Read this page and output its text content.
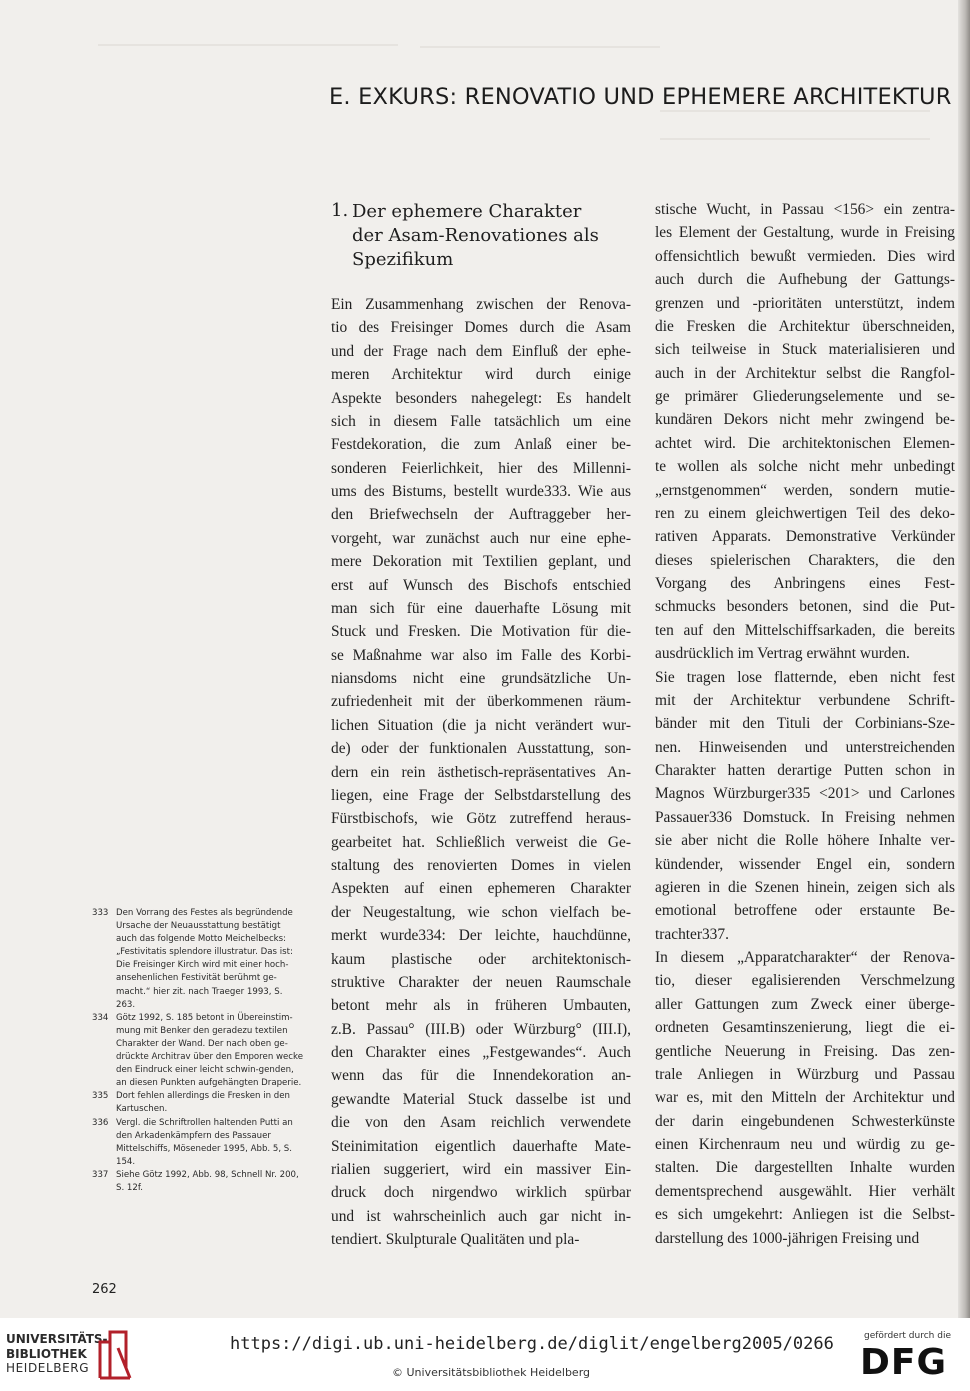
E. EXKURS: RENOVATIO UND EPHEMERE ARCHITEKTUR
1. Der ephemere Charakter
der Asam-Renovationes als
Spezifikum
Ein Zusammenhang zwischen der Renova-
tio des Freisinger Domes durch die Asam
und der Frage nach dem Einfluß der ephe-
meren Architektur wird durch einige
Aspekte besonders nahegelegt: Es handelt
sich in diesem Falle tatsächlich um eine
Festdekoration, die zum Anlaß einer be-
sonderen Feierlichkeit, hier des Millenni-
ums des Bistums, bestellt wurde333. Wie aus
den Briefwechseln der Auftraggeber her-
vorgeht, war zunächst auch nur eine ephe-
mere Dekoration mit Textilien geplant, und
erst auf Wunsch des Bischofs entschied
man sich für eine dauerhafte Lösung mit
Stuck und Fresken. Die Motivation für die-
se Maßnahme war also im Falle des Korbi-
niansdoms nicht eine grundsätzliche Un-
zufriedenheit mit der überkommenen räum-
lichen Situation (die ja nicht verändert wur-
de) oder der funktionalen Ausstattung, son-
dern ein rein ästhetisch-repräsentatives An-
liegen, eine Frage der Selbstdarstellung des
Fürstbischofs, wie Götz zutreffend heraus-
gearbeitet hat. Schließlich verweist die Ge-
staltung des renovierten Domes in vielen
Aspekten auf einen ephemeren Charakter
der Neugestaltung, wie schon vielfach be-
merkt wurde334: Der leichte, hauchdünne,
kaum plastische oder architektonisch-
struktive Charakter der neuen Raumschale
betont mehr als in früheren Umbauten,
z.B. Passau° (III.B) oder Würzburg° (III.I),
den Charakter eines „Festgewandes“. Auch
wenn das für die Innendekoration an-
gewandte Material Stuck dasselbe ist und
die von den Asam reichlich verwendete
Steinimitation eigentlich dauerhafte Mate-
rialien suggeriert, wird ein massiver Ein-
druck doch nirgendwo wirklich spürbar
und ist wahrscheinlich auch gar nicht in-
tendiert. Skulpturale Qualitäten und pla-
stische Wucht, in Passau <156> ein zentra-
les Element der Gestaltung, wurde in Freising
offensichtlich bewußt vermieden. Dies wird
auch durch die Aufhebung der Gattungs-
grenzen und -prioritäten unterstützt, indem
die Fresken die Architektur überschneiden,
sich teilweise in Stuck materialisieren und
auch in der Architektur selbst die Rangfol-
ge primärer Gliederungselemente und se-
kundären Dekors nicht mehr zwingend be-
achtet wird. Die architektonischen Elemen-
te wollen als solche nicht mehr unbedingt
„ernstgenommen“ werden, sondern mutie-
ren zu einem gleichwertigen Teil des deko-
rativen Apparats. Demonstrative Verkünder
dieses spielerischen Charakters, die den
Vorgang des Anbringens eines Fest-
schmucks besonders betonen, sind die Put-
ten auf den Mittelschiffsarkaden, die bereits
ausdrücklich im Vertrag erwähnt wurden.
Sie tragen lose flatternde, eben nicht fest
mit der Architektur verbundene Schrift-
bänder mit den Tituli der Corbinians-Sze-
nen. Hinweisenden und unterstreichenden
Charakter hatten derartige Putten schon in
Magnos Würzburger335 <201> und Carlones
Passauer336 Domstuck. In Freising nehmen
sie aber nicht die Rolle höhere Inhalte ver-
kündender, wissender Engel ein, sondern
agieren in die Szenen hinein, zeigen sich als
emotional betroffene oder erstaunte Be-
trachter337.
In diesem „Apparatcharakter“ der Renova-
tio, dieser egalisierenden Verschmelzung
aller Gattungen zum Zweck einer überge-
ordneten Gesamtinszenierung, liegt die ei-
gentliche Neuerung in Freising. Das zen-
trale Anliegen in Würzburg und Passau
war es, mit den Mitteln der Architektur und
der darin eingebundenen Schwesterkünste
einen Kirchenraum neu und würdig zu ge-
stalten. Die dargestellten Inhalte wurden
dementsprechend ausgewählt. Hier verhält
es sich umgekehrt: Anliegen ist die Selbst-
darstellung des 1000-jährigen Freising und
333 Den Vorrang des Festes als begründende Ursache der Neuausstattung bestätigt auch das folgende Motto Meichelbecks: „Festivitatis splendore illustratur. Das ist: Die Freisinger Kirch wird mit einer hoch-ansehenlichen Festivität berühmt ge-macht.“ hier zit. nach Traeger 1993, S. 263.
334 Götz 1992, S. 185 betont in Übereinstim-mung mit Benker den geradezu textilen Charakter der Wand. Der nach oben ge-drückte Architrav über den Emporen wecke den Eindruck einer leicht schwin-genden, an diesen Punkten aufgehängten Draperie.
335 Dort fehlen allerdings die Fresken in den Kartuschen.
336 Vergl. die Schriftrollen haltenden Putti an den Arkadenkämpfern des Passauer Mittelschiffs, Möseneder 1995, Abb. 5, S. 154.
337 Siehe Götz 1992, Abb. 98, Schnell Nr. 200, S. 12f.
262
UNIVERSITÄTS-
BIBLIOTHEK
HEIDELBERG
https://digi.ub.uni-heidelberg.de/diglit/engelberg2005/0266
© Universitätsbibliothek Heidelberg
gefördert durch die
DFG
